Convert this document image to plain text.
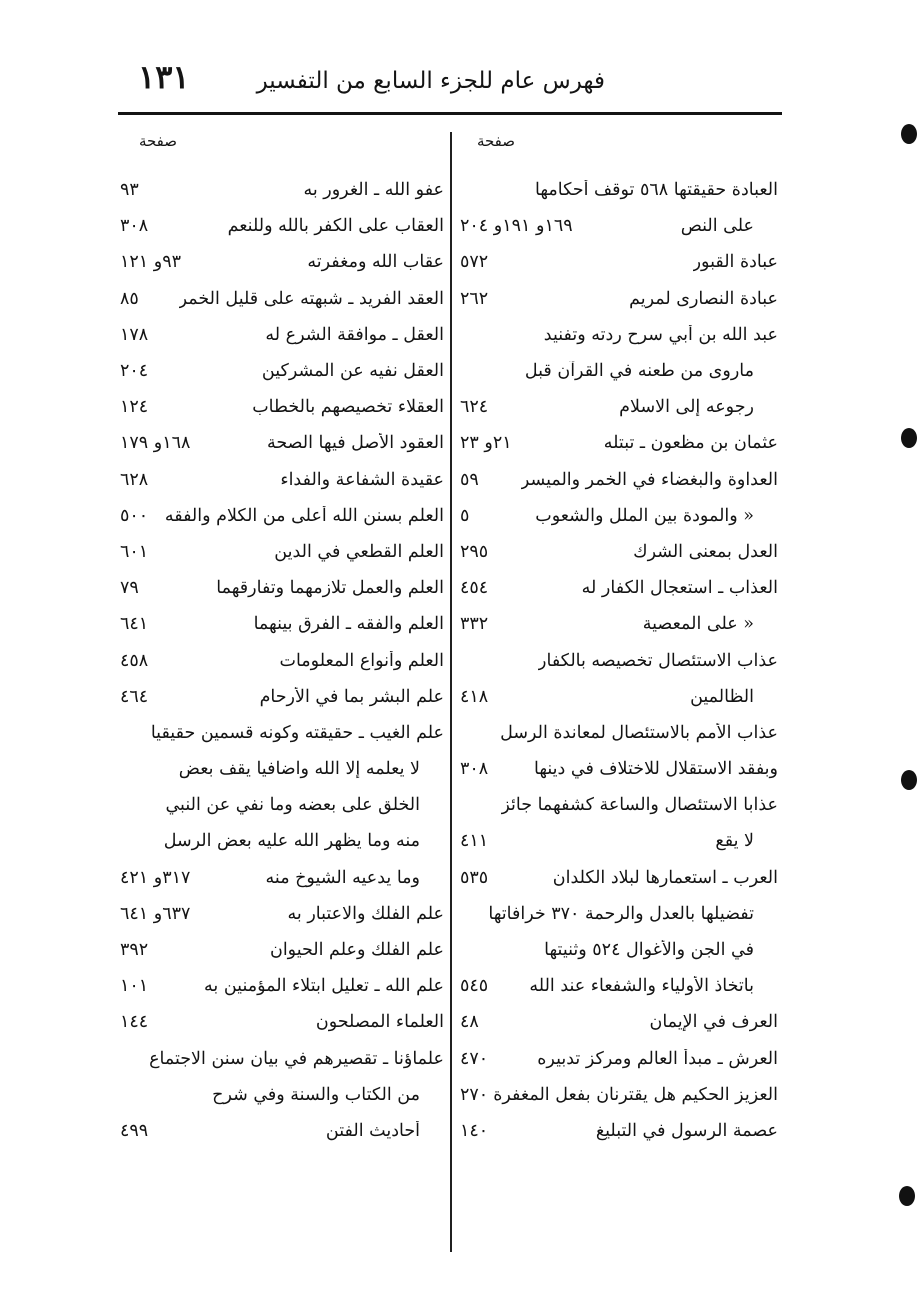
فهرس عام للجزء السابع من التفسير
١٣١
صفحة
صفحة
العبادة حقيقتها ٥٦٨ توقف أحكامها
على النص
١٦٩و ١٩١و ٢٠٤
عبادة القبور
٥٧٢
عبادة النصارى لمريم
٢٦٢
عبد الله بن أبي سرح ردته وتفنيد
ماروى من طعنه في القرآن قبل
رجوعه إلى الاسلام
٦٢٤
عثمان بن مظعون ـ تبتله
٢١و ٢٣
العداوة والبغضاء في الخمر والميسر
٥٩
« والمودة بين الملل والشعوب
٥
العدل بمعنى الشرك
٢٩٥
العذاب ـ استعجال الكفار له
٤٥٤
« على المعصية
٣٣٢
عذاب الاستئصال تخصيصه بالكفار
الظالمين
٤١٨
عذاب الأمم بالاستئصال لمعاندة الرسل
وبفقد الاستقلال للاختلاف في دينها
٣٠٨
عذابا الاستئصال والساعة كشفهما جائز
لا يقع
٤١١
العرب ـ استعمارها لبلاد الكلدان
٥٣٥
تفضيلها بالعدل والرحمة ٣٧٠ خرافاتها
في الجن والأغوال ٥٢٤ وثنيتها
باتخاذ الأولياء والشفعاء عند الله
٥٤٥
العرف في الإيمان
٤٨
العرش ـ مبدأ العالم ومركز تدبيره
٤٧٠
العزيز الحكيم هل يقترنان بفعل المغفرة
٢٧٠
عصمة الرسول في التبليغ
١٤٠
عفو الله ـ الغرور به
٩٣
العقاب على الكفر بالله وللنعم
٣٠٨
عقاب الله ومغفرته
٩٣و ١٢١
العقد الفريد ـ شبهته على قليل الخمر
٨٥
العقل ـ موافقة الشرع له
١٧٨
العقل نفيه عن المشركين
٢٠٤
العقلاء تخصيصهم بالخطاب
١٢٤
العقود الأصل فيها الصحة
١٦٨و ١٧٩
عقيدة الشفاعة والفداء
٦٢٨
العلم بسنن الله أعلى من الكلام والفقه
٥٠٠
العلم القطعي في الدين
٦٠١
العلم والعمل تلازمهما وتفارقهما
٧٩
العلم والفقه ـ الفرق بينهما
٦٤١
العلم وأنواع المعلومات
٤٥٨
علم البشر بما في الأرحام
٤٦٤
علم الغيب ـ حقيقته وكونه قسمين حقيقيا
لا يعلمه إلا الله واضافيا يقف بعض
الخلق على بعضه وما نفي عن النبي
منه وما يظهر الله عليه بعض الرسل
وما يدعيه الشيوخ منه
٣١٧و ٤٢١
علم الفلك والاعتبار به
٦٣٧و ٦٤١
علم الفلك وعلم الحيوان
٣٩٢
علم الله ـ تعليل ابتلاء المؤمنين به
١٠١
العلماء المصلحون
١٤٤
علماؤنا ـ تقصيرهم في بيان سنن الاجتماع
من الكتاب والسنة وفي شرح
أحاديث الفتن
٤٩٩
